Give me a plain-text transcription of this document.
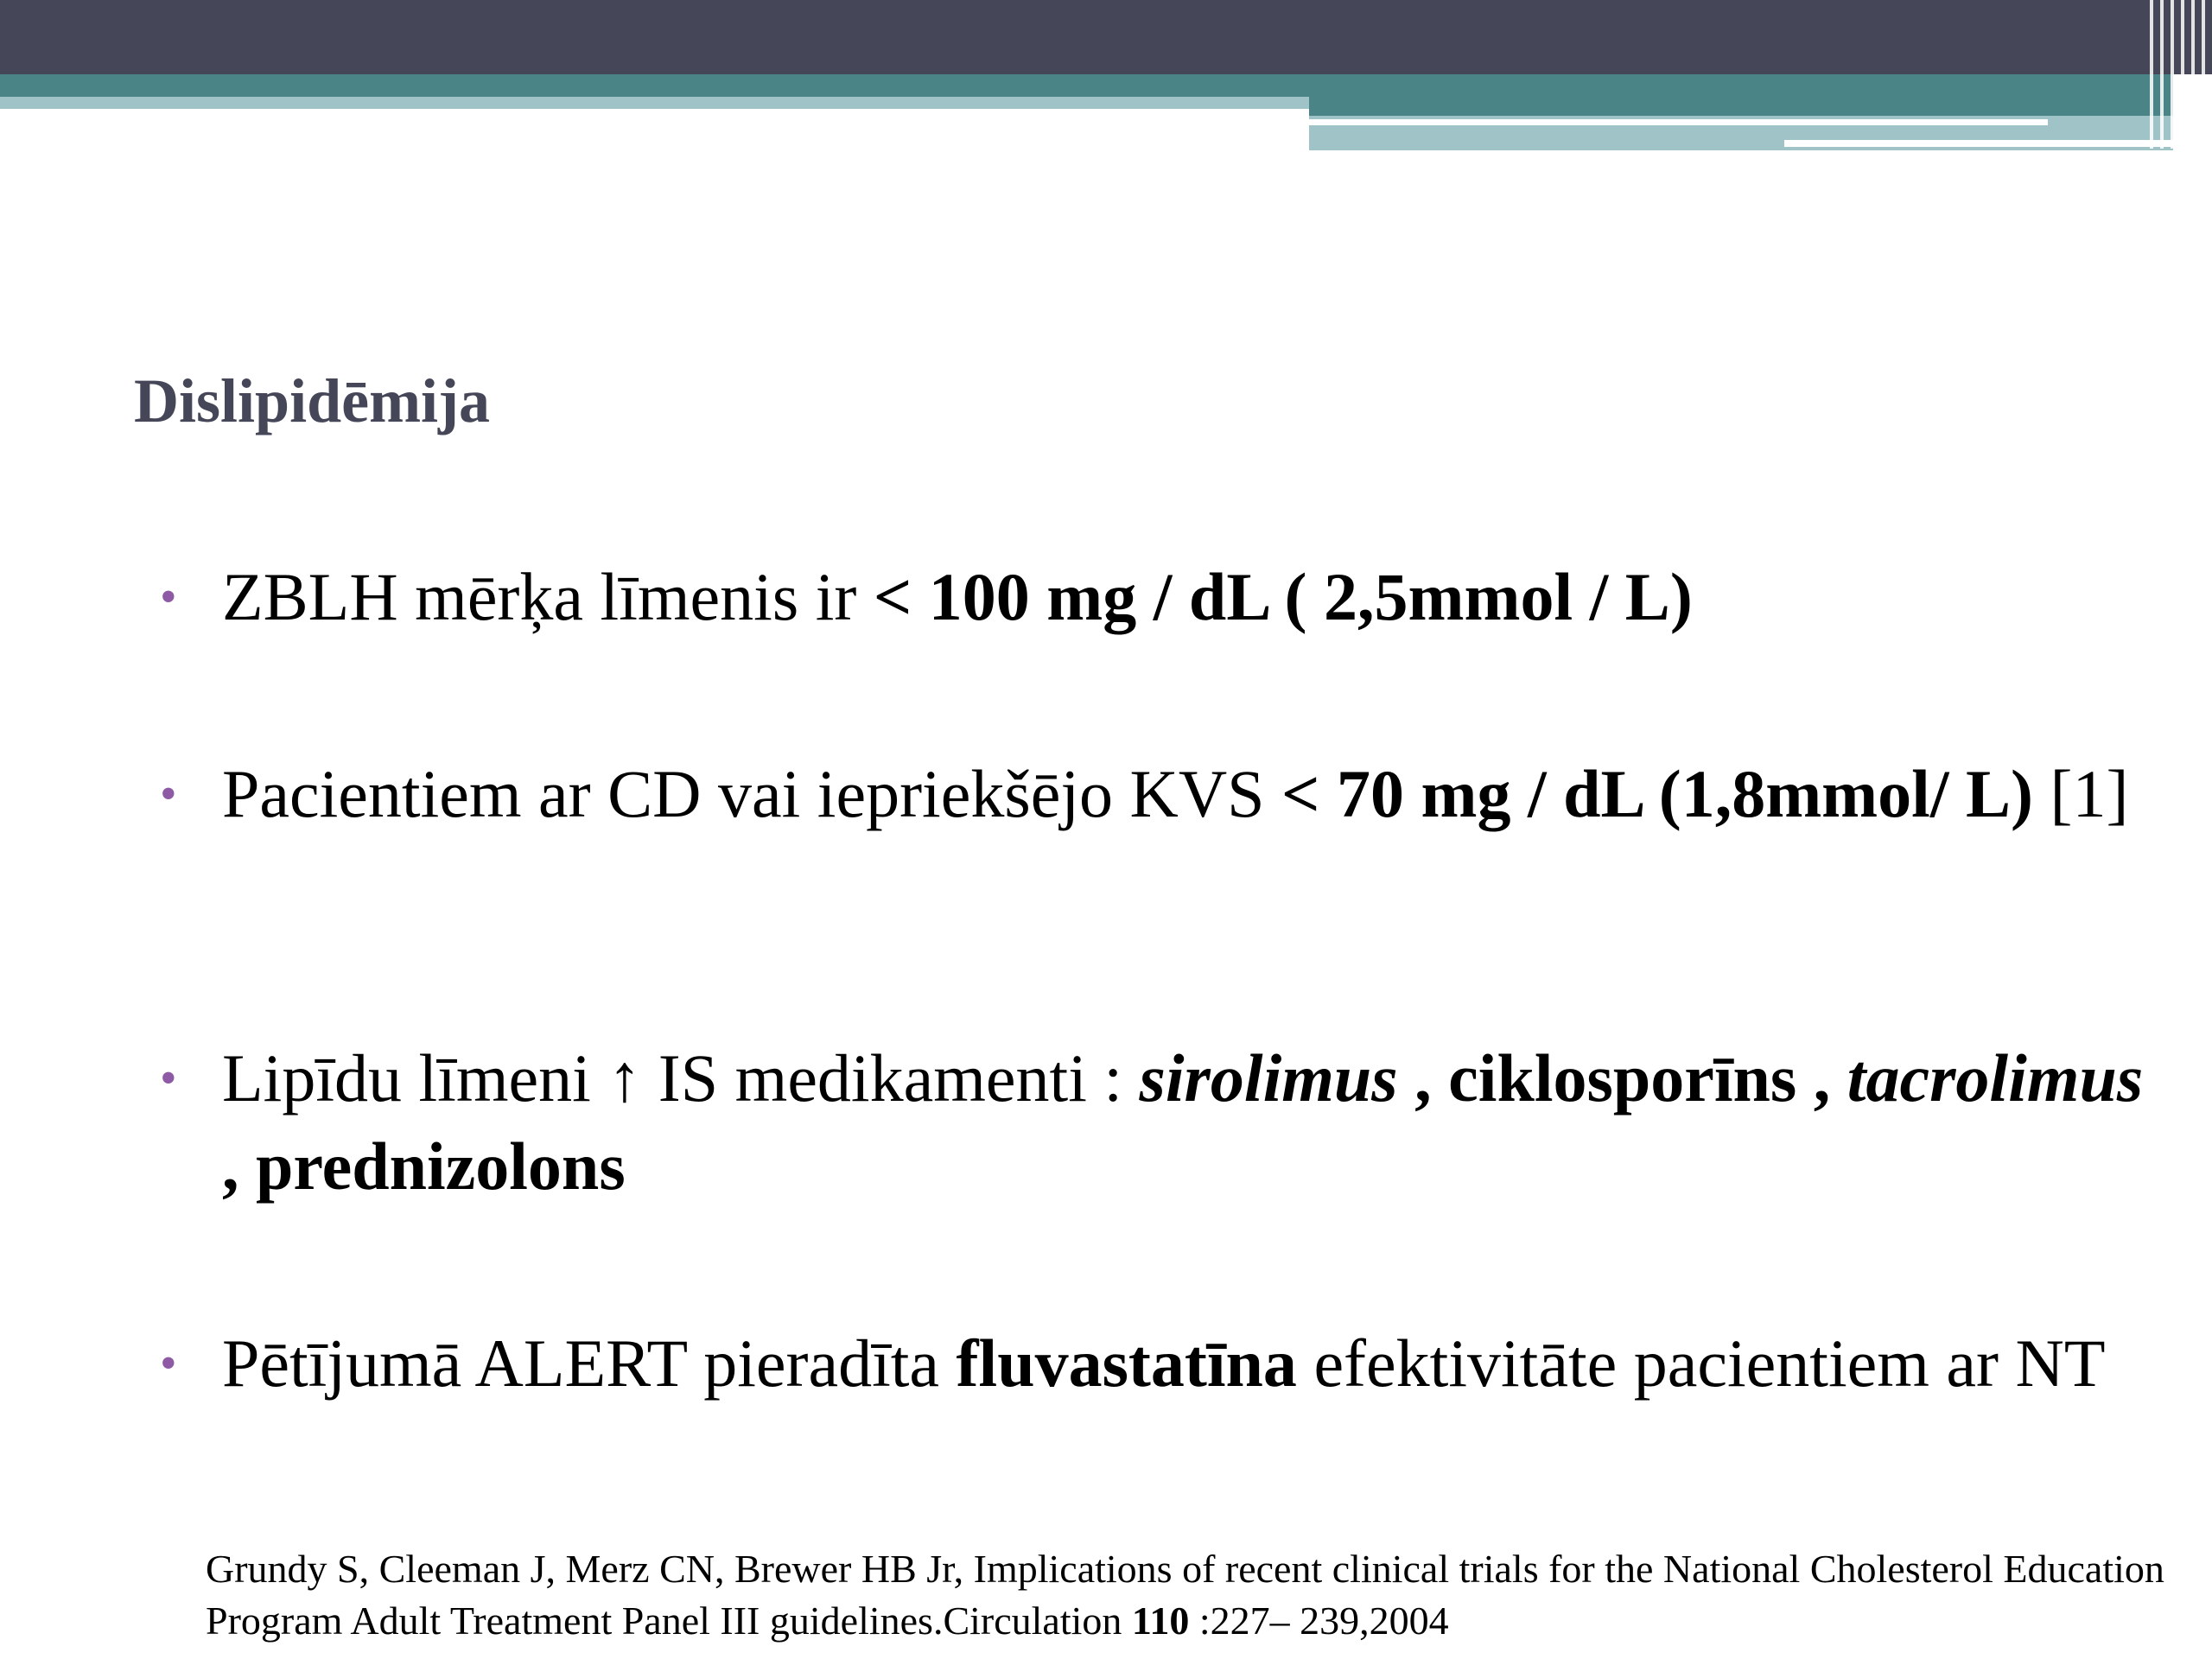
Dislipidēmija
• ZBLH mērķa līmenis ir < 100 mg / dL ( 2,5mmol / L)
• Pacientiem ar CD vai iepriekšējo KVS < 70 mg / dL (1,8mmol/ L) [1]
• Lipīdu līmeni ↑ IS medikamenti : sirolimus , ciklosporīns , tacrolimus , prednizolons
• Pētījumā ALERT pieradīta fluvastatīna efektivitāte pacientiem ar NT
Grundy S, Cleeman J, Merz CN, Brewer HB Jr, Implications of recent clinical trials for the National Cholesterol Education Program Adult Treatment Panel III guidelines.Circulation 110 :227– 239,2004
